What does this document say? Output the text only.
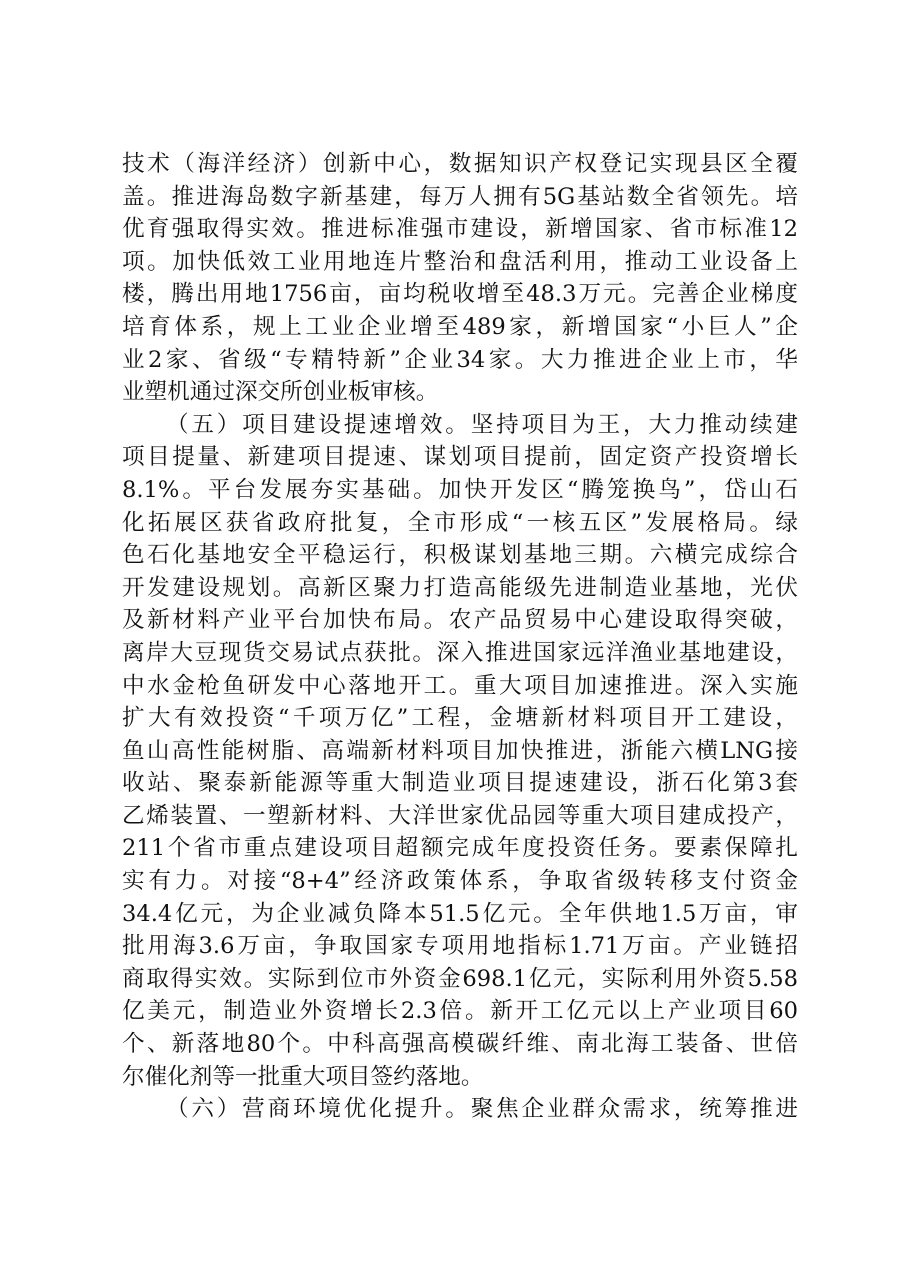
技术（海洋经济）创新中心，数据知识产权登记实现县区全覆
盖。推进海岛数字新基建，每万人拥有5G基站数全省领先。培
优育强取得实效。推进标准强市建设，新增国家、省市标准12
项。加快低效工业用地连片整治和盘活利用，推动工业设备上
楼，腾出用地1756亩，亩均税收增至48.3万元。完善企业梯度
培育体系，规上工业企业增至489家，新增国家“小巨人”企
业2家、省级“专精特新”企业34家。大力推进企业上市，华
业塑机通过深交所创业板审核。
（五）项目建设提速增效。坚持项目为王，大力推动续建
项目提量、新建项目提速、谋划项目提前，固定资产投资增长
8.1%。平台发展夯实基础。加快开发区“腾笼换鸟”，岱山石
化拓展区获省政府批复，全市形成“一核五区”发展格局。绿
色石化基地安全平稳运行，积极谋划基地三期。六横完成综合
开发建设规划。高新区聚力打造高能级先进制造业基地，光伏
及新材料产业平台加快布局。农产品贸易中心建设取得突破，
离岸大豆现货交易试点获批。深入推进国家远洋渔业基地建设，
中水金枪鱼研发中心落地开工。重大项目加速推进。深入实施
扩大有效投资“千项万亿”工程，金塘新材料项目开工建设，
鱼山高性能树脂、高端新材料项目加快推进，浙能六横LNG接
收站、聚泰新能源等重大制造业项目提速建设，浙石化第3套
乙烯装置、一塑新材料、大洋世家优品园等重大项目建成投产，
211个省市重点建设项目超额完成年度投资任务。要素保障扎
实有力。对接“8+4”经济政策体系，争取省级转移支付资金
34.4亿元，为企业减负降本51.5亿元。全年供地1.5万亩，审
批用海3.6万亩，争取国家专项用地指标1.71万亩。产业链招
商取得实效。实际到位市外资金698.1亿元，实际利用外资5.58
亿美元，制造业外资增长2.3倍。新开工亿元以上产业项目60
个、新落地80个。中科高强高模碳纤维、南北海工装备、世倍
尔催化剂等一批重大项目签约落地。
（六）营商环境优化提升。聚焦企业群众需求，统筹推进
